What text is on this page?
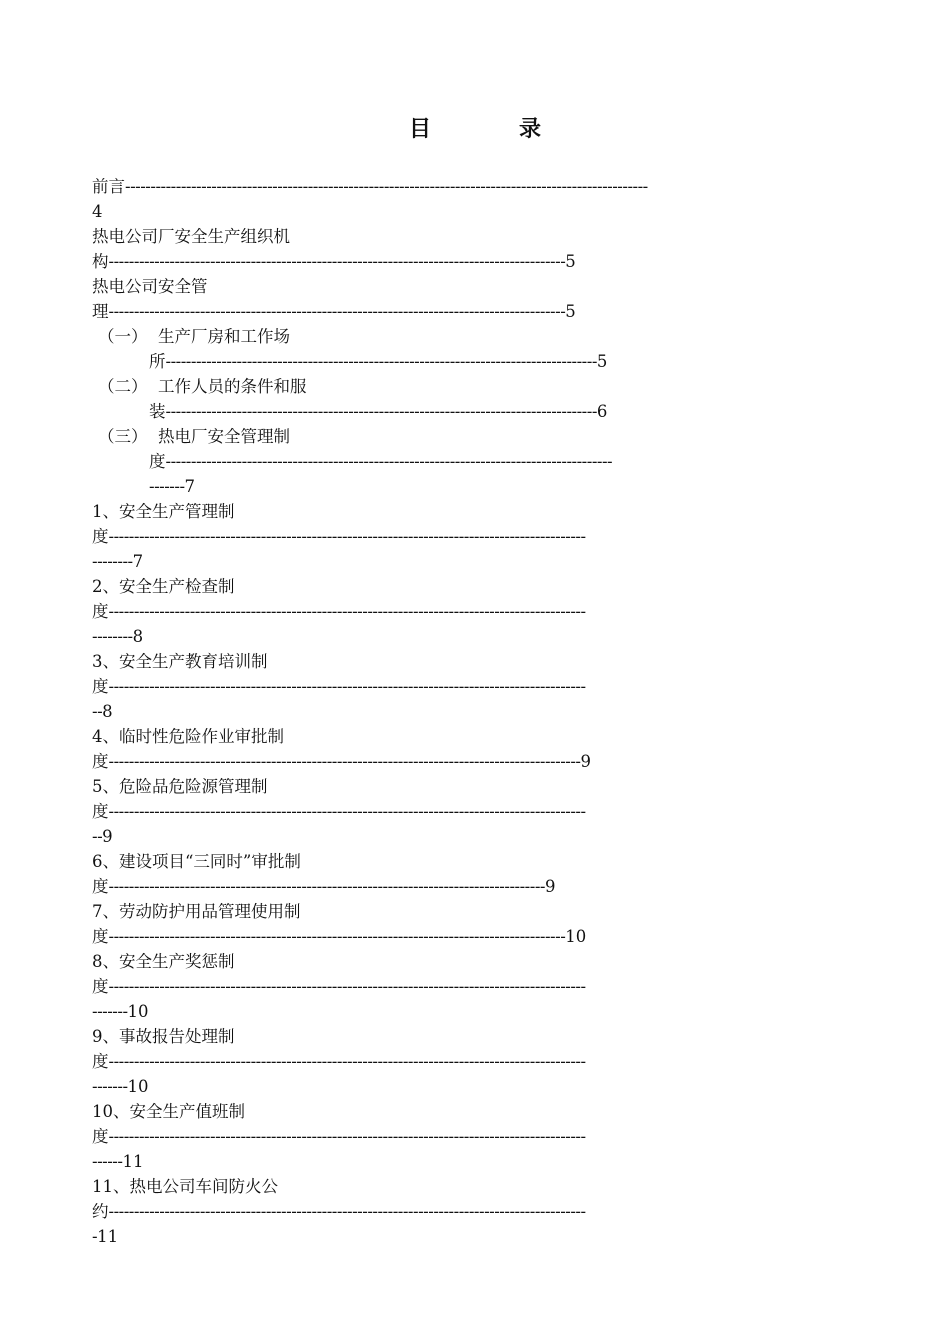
目	录
前言-------------------------------------------------------------------------------------------------------
4
热电公司厂安全生产组织机
构------------------------------------------------------------------------------------------5
热电公司安全管
理------------------------------------------------------------------------------------------5
（一） 生产厂房和工作场
所-------------------------------------------------------------------------------------5
（二） 工作人员的条件和服
装-------------------------------------------------------------------------------------6
（三） 热电厂安全管理制
度----------------------------------------------------------------------------------------
-------7
1、安全生产管理制
度----------------------------------------------------------------------------------------------
--------7
2、安全生产检查制
度----------------------------------------------------------------------------------------------
--------8
3、安全生产教育培训制
度----------------------------------------------------------------------------------------------
--8
4、临时性危险作业审批制
度---------------------------------------------------------------------------------------------9
5、危险品危险源管理制
度----------------------------------------------------------------------------------------------
--9
6、建设项目“三同时”审批制
度--------------------------------------------------------------------------------------9
7、劳动防护用品管理使用制
度------------------------------------------------------------------------------------------10
8、安全生产奖惩制
度----------------------------------------------------------------------------------------------
-------10
9、事故报告处理制
度----------------------------------------------------------------------------------------------
-------10
10、安全生产值班制
度----------------------------------------------------------------------------------------------
------11
11、热电公司车间防火公
约----------------------------------------------------------------------------------------------
-11
